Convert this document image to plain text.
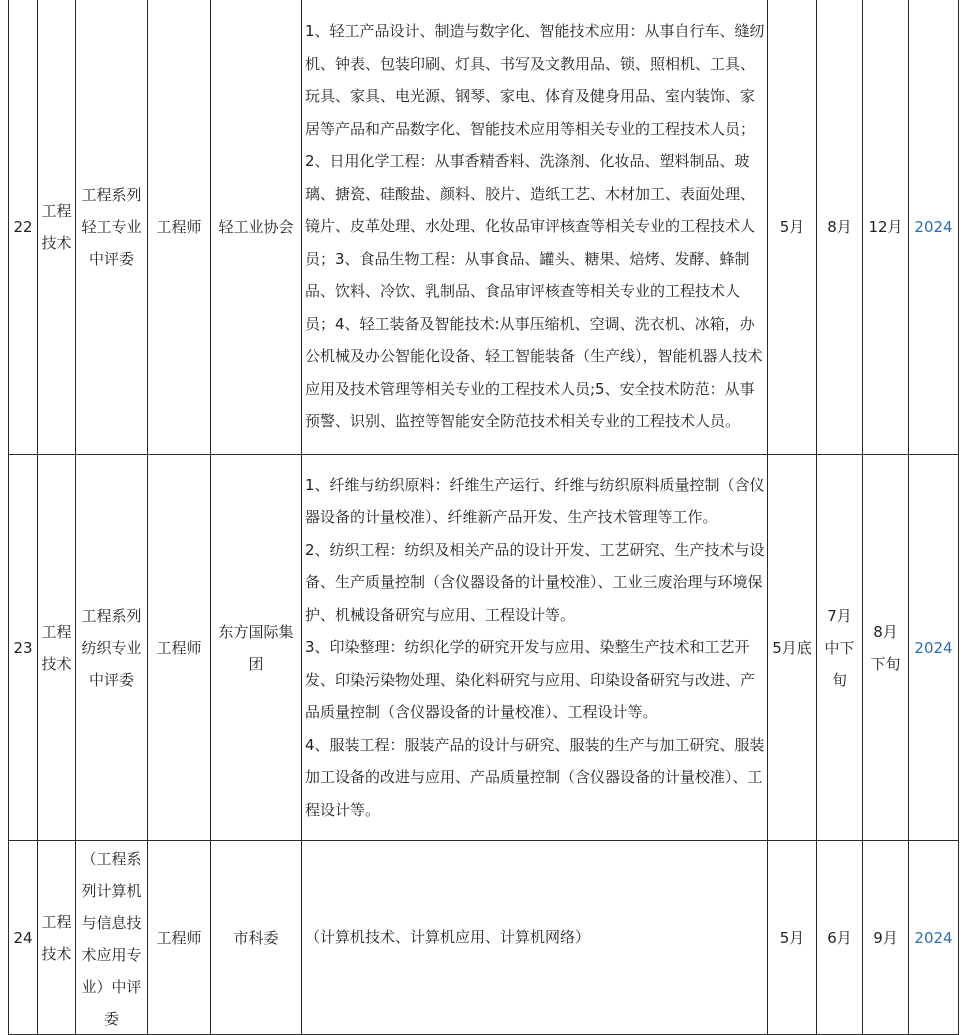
22	工程技术	工程系列轻工专业中评委	工程师	轻工业协会	1、轻工产品设计、制造与数字化、智能技术应用：从事自行车、缝纫机、钟表、包装印刷、灯具、书写及文教用品、锁、照相机、工具、玩具、家具、电光源、钢琴、家电、体育及健身用品、室内装饰、家居等产品和产品数字化、智能技术应用等相关专业的工程技术人员；2、日用化学工程：从事香精香料、洗涤剂、化妆品、塑料制品、玻璃、搪瓷、硅酸盐、颜料、胶片、造纸工艺、木材加工、表面处理、镜片、皮革处理、水处理、化妆品审评核查等相关专业的工程技术人员；3、食品生物工程：从事食品、罐头、糖果、焙烤、发酵、蜂制品、饮料、冷饮、乳制品、食品审评核查等相关专业的工程技术人员；4、轻工装备及智能技术:从事压缩机、空调、洗衣机、冰箱，办公机械及办公智能化设备、轻工智能装备（生产线），智能机器人技术应用及技术管理等相关专业的工程技术人员;5、安全技术防范：从事预警、识别、监控等智能安全防范技术相关专业的工程技术人员。	5月	8月	12月	2024
23	工程技术	工程系列纺织专业中评委	工程师	东方国际集团	1、纤维与纺织原料：纤维生产运行、纤维与纺织原料质量控制（含仪器设备的计量校准）、纤维新产品开发、生产技术管理等工作。
2、纺织工程：纺织及相关产品的设计开发、工艺研究、生产技术与设备、生产质量控制（含仪器设备的计量校准）、工业三废治理与环境保护、机械设备研究与应用、工程设计等。
3、印染整理：纺织化学的研究开发与应用、染整生产技术和工艺开发、印染污染物处理、染化料研究与应用、印染设备研究与改进、产品质量控制（含仪器设备的计量校准）、工程设计等。
4、服装工程：服装产品的设计与研究、服装的生产与加工研究、服装加工设备的改进与应用、产品质量控制（含仪器设备的计量校准）、工程设计等。	5月底	7月中下旬	8月下旬	2024
24	工程技术	（工程系列计算机与信息技术应用专业）中评委	工程师	市科委	（计算机技术、计算机应用、计算机网络）	5月	6月	9月	2024
